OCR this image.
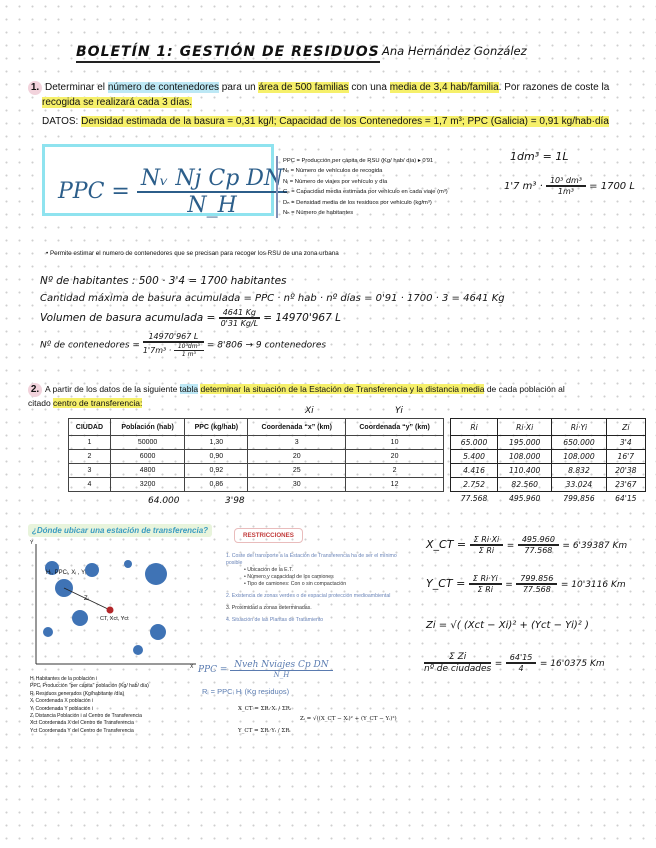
BOLETÍN 1: GESTIÓN DE RESIDUOS Ana Hernández González
1. Determinar el número de contenedores para un área de 500 familias con una media de 3,4 hab/familia. Por razones de coste la
recogida se realizará cada 3 días.
DATOS: Densidad estimada de la basura = 0,31 kg/l; Capacidad de los Contenedores = 1,7 m³; PPC (Galicia) = 0,91 kg/hab·día
PPC = $\frac{\text{Nᵥ Nj Cp DN}}{N\_H}$
PPC = Producción per cápita de RSU (Kg/ hab/ día) ▸ 0'91
Nᵥ = Número de vehículos de recogida
Nⱼ = Número de viajes por vehículo y día
Cₚ = Capacidad media estimada por vehículo en cada viaje (m³)
Dₙ = Densidad media de los residuos por vehículo (kg/m³)
Nₕ = Número de habitantes
1dm³ = 1L
1'7 $m^3 \cdot \frac{\text{10³ dm³}}{\text{1m³}} = 1700$ L
• Permite estimar el numero de contenedores que se precisan para recoger los RSU de una zona urbana
Nº de habitantes : 500 · 3'4 = 1700 habitantes
Cantidad máxima de basura acumulada = PPC · nº hab · nº días = 0'91 · 1700 · 3 = 4641 Kg
Volumen de basura acumulada = $\frac{4641 Kg}{0'31 Kg/L} = 14970'967$ L
Nº de contenedores = $\frac{14970'967 L}{1'7m^3 \cdot \frac{\text{10³dm³}}{\text{1 m³}}} = 8'806 \to 9$ contenedores
2. A partir de los datos de la siguiente tabla determinar la situación de la Estación de Transferencia y la distancia media de cada población al citado centro de transferencia:
Xi	Yi
CIUDAD	Población (hab)	PPC (kg/hab)	Coordenada “x” (km)	Coordenada “y” (km)
1	50000	1,30	3	10
2	6000	0,90	20	20
3	4800	0,92	25	2
4	3200	0,86	30	12
64.000	3'98
Ri	Ri·Xi	Ri·Yi	Zi
65.000	195.000	650.000	3'4
5.400	108.000	108.000	16'7
4.416	110.400	8.832	20'38
2.752	82.560	33.024	23'67
77.568	495.960	799.856	64'15
¿Dónde ubicar una estación de transferencia?
Hᵢ, PPCᵢ, Xᵢ , Yᵢ
Zᵢ
CT, Xct, Yct
Y
X
RESTRICCIONES
1. Coste del transporte a la Estación de Transferencia ha de ser el mínimo posible
• Ubicación de la E.T.
• Número y capacidad de los camiones
• Tipo de camiones: Con o sin compactación
2. Existencia de zonas verdes o de espacial protección medioambiental
3. Proximidad a zonas determinadas.
4. Situación de las Plantas de Tratamiento
PPC = $\frac{\text{Nveh Nviajes Cp DN}}{N\_H}$
Rᵢ = PPCᵢ Hᵢ (Kg residuos)
X_CT = ΣRᵢ·Xᵢ / ΣRᵢ
Y_CT = ΣRᵢ·Yᵢ / ΣRᵢ
Zᵢ = √((X_CT − Xᵢ)² + (Y_CT − Yᵢ)²)
Hᵢ Habitantes de la población i
PPCᵢ Producción "per cápita" población (Kg/ hab/ día)
Rᵢ Residuos generados (Kg/habitante /día)
Xᵢ Coordenada X población i
Yᵢ Coordenada Y población i
Zᵢ Distancia Población i al Centro de Transferencia
Xct Coordenada X del Centro de Transferencia
Yct Coordenada Y del Centro de Transferencia
X_CT = $\frac{\text{Σ Ri·Xi}}{\text{Σ Ri}} = \frac{495.960}{77.568} = 6'39387$ Km
Y_CT = $\frac{\text{Σ Ri·Yi}}{\text{Σ Ri}} = \frac{799.856}{77.568} = 10'3116$ Km
Zi = √( (Xct − Xi)² + (Yct − Yi)² )
$\frac{\text{Σ Zi}}{\text{nº de ciudades}} = \frac{64'15}{4} = 16'0375$ Km
